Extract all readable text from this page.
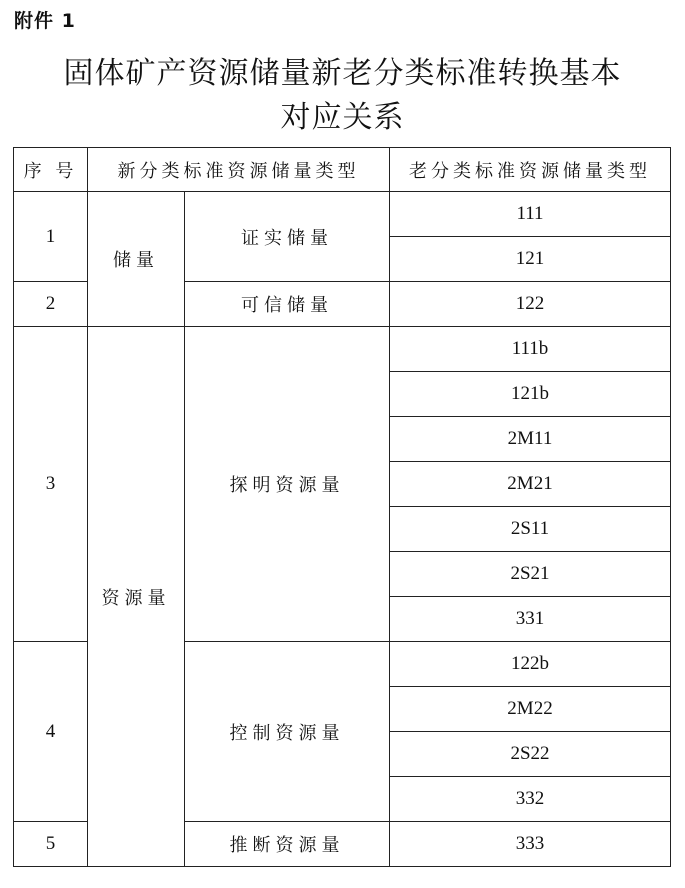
附件 1
固体矿产资源储量新老分类标准转换基本
对应关系
序 号	新分类标准资源储量类型		老分类标准资源储量类型
1	储量	证实储量	111
			121
2		可信储量	122
3	资源量	探明资源量	111b
			121b
			2M11
			2M21
			2S11
			2S21
			331
4		控制资源量	122b
			2M22
			2S22
			332
5		推断资源量	333
